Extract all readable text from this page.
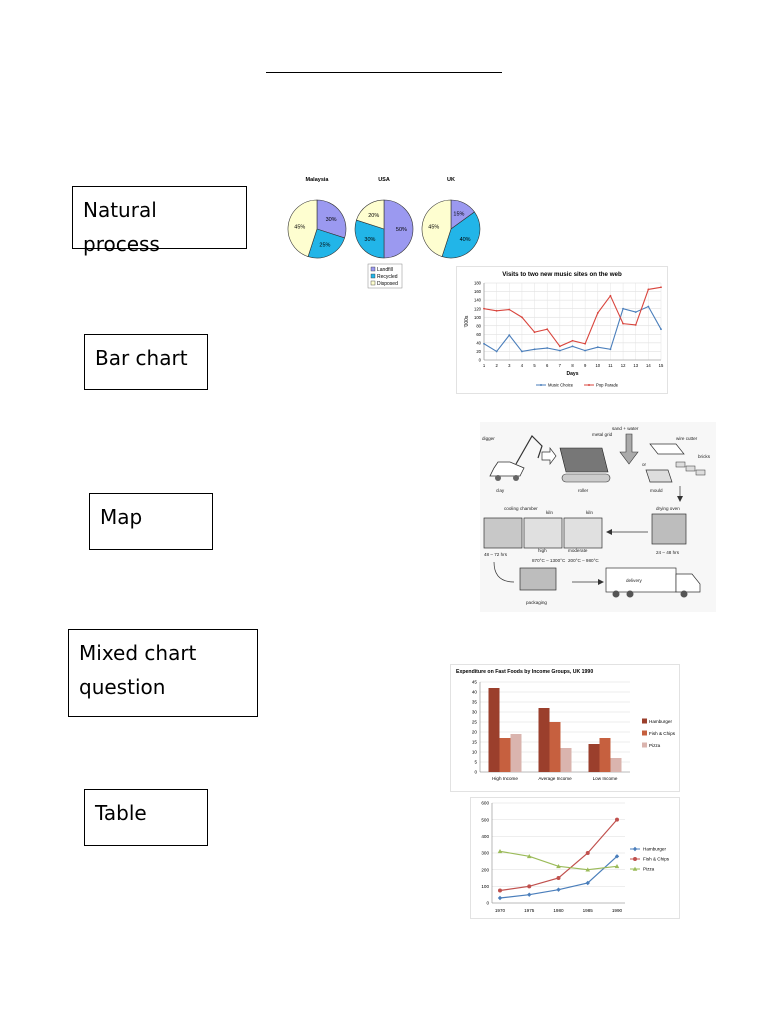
Natural process
Bar chart
Map
Mixed chart question
Table
Malaysia
30%
25%
45%
USA
50%
30%
20%
UK
15%
40%
45%
Landfill
Recycled
Disposed
Visits to two new music sites on the web
0
20
40
60
80
100
120
140
160
180
1 2 3 4 5 6 7 8 9 10 11 12 13 14 15
Days
'000s
Music Choice	Pop Parade
digger
clay
metal grid
roller
sand + water
or
wire cutter
bricks
mould
drying oven
24 – 48 hrs
cooling chamber
kiln	kiln
48 – 72 hrs
high
870°C – 1300°C
moderate
200°C – 980°C
packaging
delivery
Expenditure on Fast Foods by Income Groups, UK 1990
0
5
10
15
20
25
30
35
40
45
High Income	Average Income	Low Income
Hamburger
Fish & Chips
Pizza
0
100
200
300
400
500
600
1970	1975	1980	1985	1990
Hamburger
Fish & Chips
Pizza
